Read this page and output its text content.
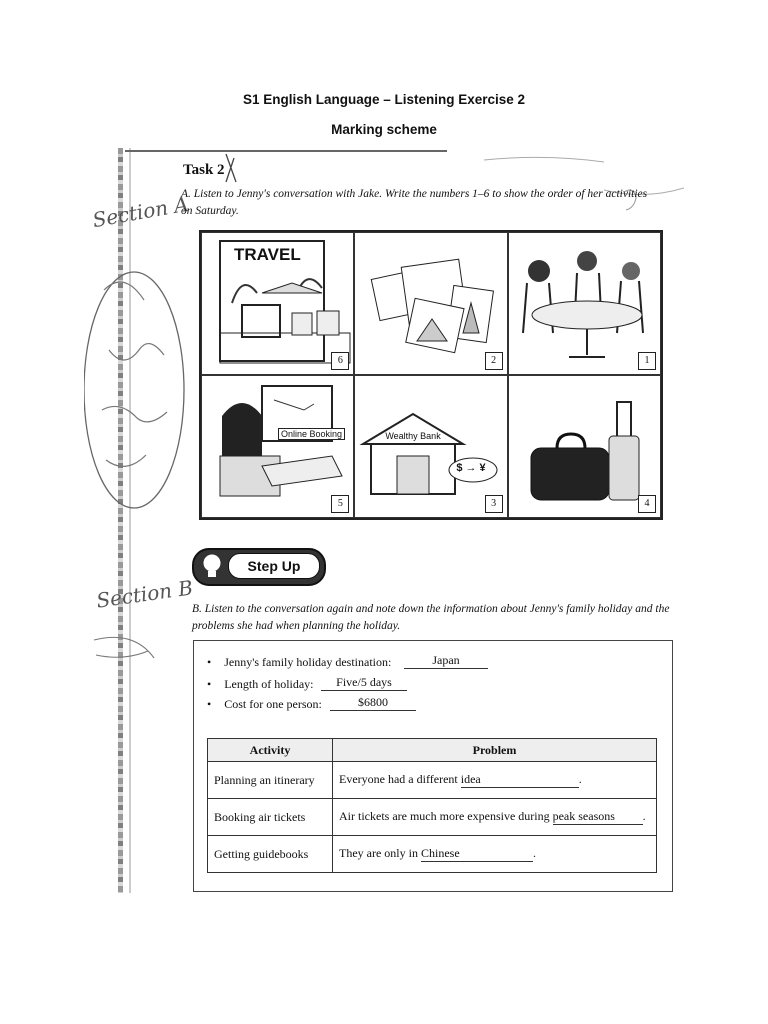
S1 English Language – Listening Exercise 2
Marking scheme
Section A
Section B
Task 2
A. Listen to Jenny's conversation with Jake. Write the numbers 1–6 to show the order of her activities on Saturday.
TRAVEL
6	2	1
Online Booking
5
Wealthy Bank
$ → ¥
3	4
Step Up
B. Listen to the conversation again and note down the information about Jenny's family holiday and the problems she had when planning the holiday.
• Jenny's family holiday destination:	Japan
• Length of holiday:	Five/5 days
• Cost for one person:	$6800
Activity	Problem
Planning an itinerary	Everyone had a different idea .
Booking air tickets	Air tickets are much more expensive during peak seasons .
Getting guidebooks	They are only in Chinese .
